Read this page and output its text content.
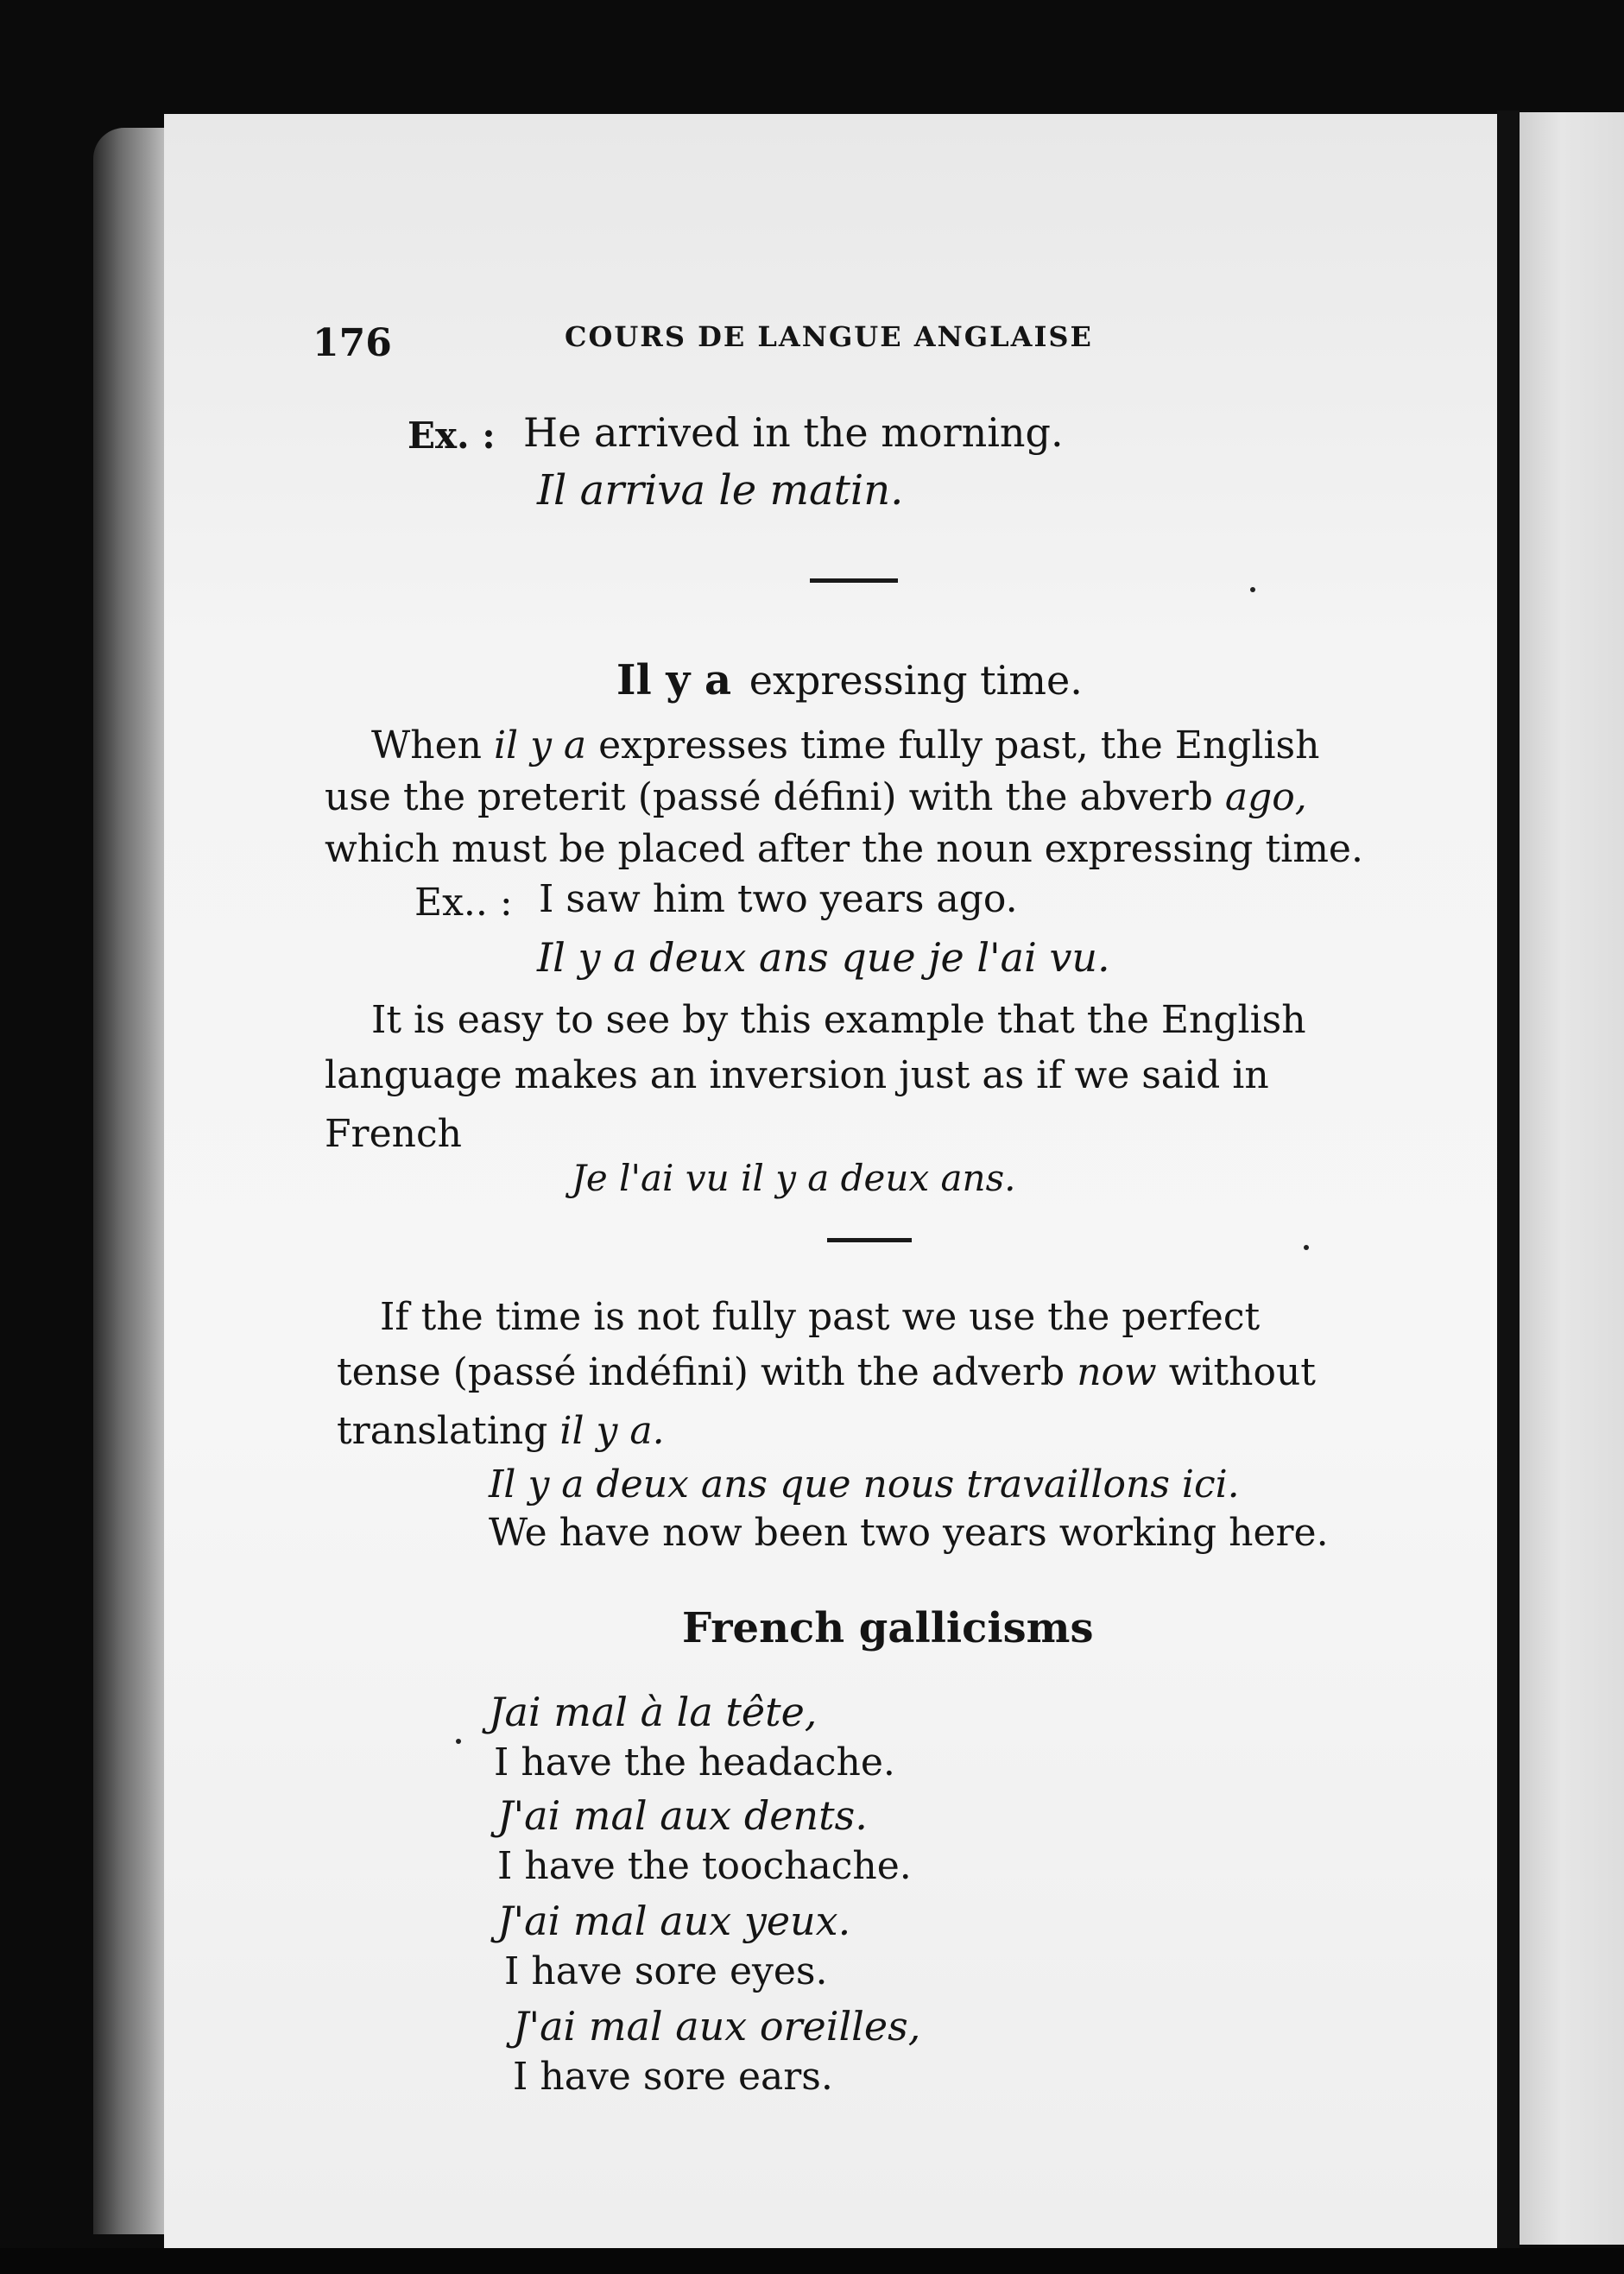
176	COURS DE LANGUE ANGLAISE
Ex. : He arrived in the morning.
Il arriva le matin.
Il y a expressing time.
When il y a expresses time fully past, the English
use the preterit (passé défini) with the abverb ago,
which must be placed after the noun expressing time.
Ex.. : I saw him two years ago.
Il y a deux ans que je l'ai vu.
It is easy to see by this example that the English
language makes an inversion just as if we said in
French
Je l'ai vu il y a deux ans.
If the time is not fully past we use the perfect
tense (passé indéfini) with the adverb now without
translating il y a.
Il y a deux ans que nous travaillons ici.
We have now been two years working here.
French gallicisms
Jai mal à la tête,
I have the headache.
J'ai mal aux dents.
I have the toochache.
J'ai mal aux yeux.
I have sore eyes.
J'ai mal aux oreilles,
I have sore ears.
